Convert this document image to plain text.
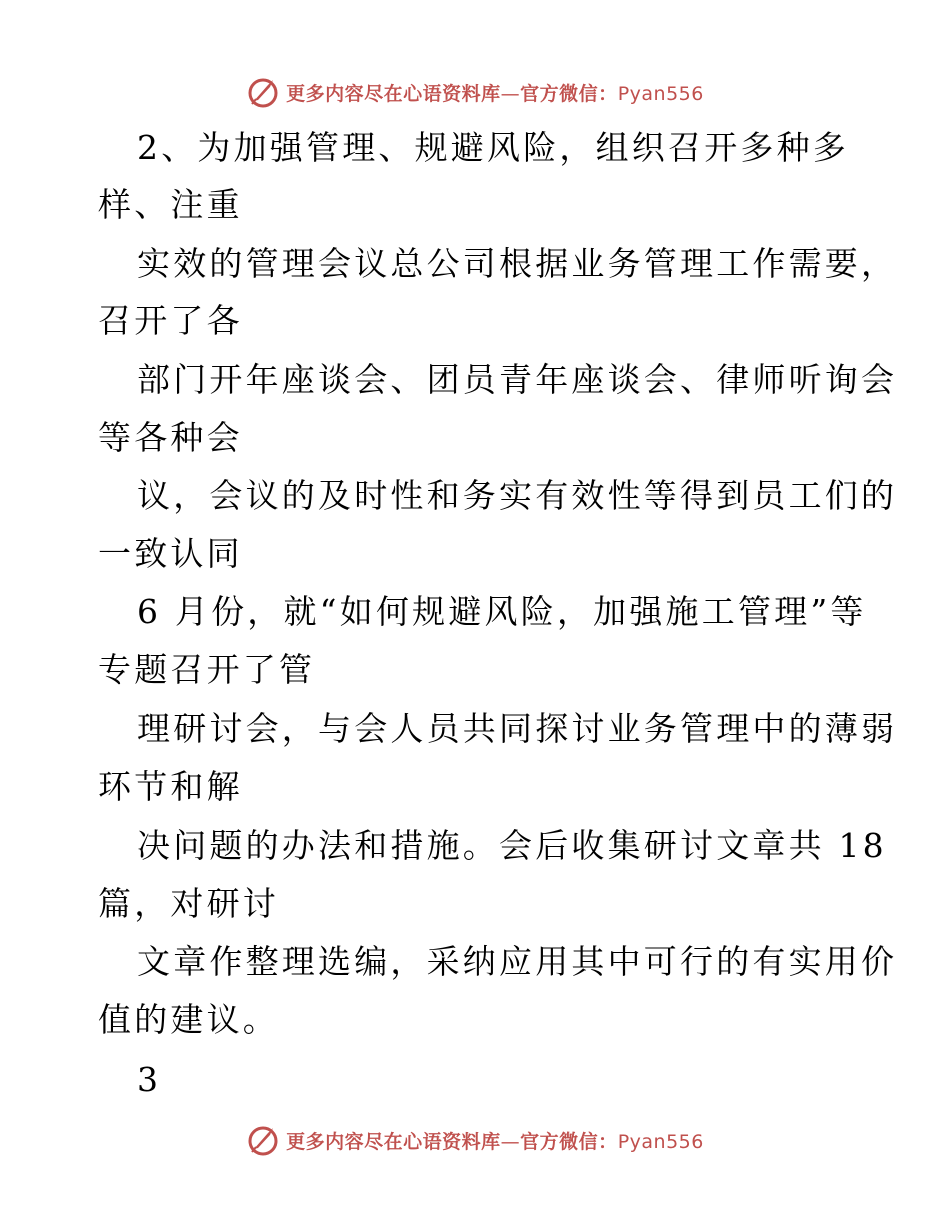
更多内容尽在心语资料库—官方微信：Pyan556
2、为加强管理、规避风险，组织召开多种多
样、注重
实效的管理会议总公司根据业务管理工作需要，
召开了各
部门开年座谈会、团员青年座谈会、律师听询会
等各种会
议，会议的及时性和务实有效性等得到员工们的
一致认同
6 月份，就“如何规避风险，加强施工管理”等
专题召开了管
理研讨会，与会人员共同探讨业务管理中的薄弱
环节和解
决问题的办法和措施。会后收集研讨文章共 18
篇，对研讨
文章作整理选编，采纳应用其中可行的有实用价
值的建议。
3
更多内容尽在心语资料库—官方微信：Pyan556
